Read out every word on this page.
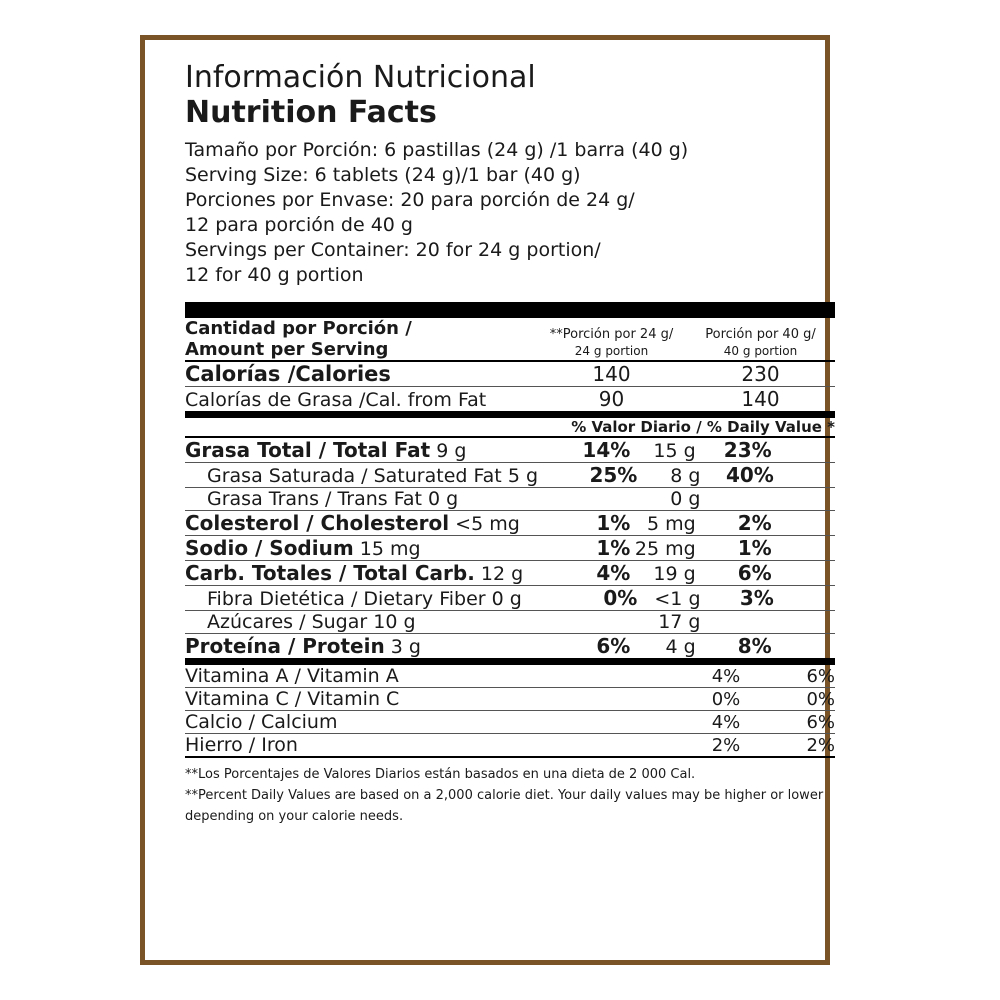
Información Nutricional
Nutrition Facts
Tamaño por Porción: 6 pastillas (24 g) /1 barra (40 g)
Serving Size: 6 tablets (24 g)/1 bar (40 g)
Porciones por Envase: 20 para porción de 24 g/
12 para porción de 40 g
Servings per Container: 20 for 24 g portion/
12 for 40 g portion
Cantidad por Porción /
Amount per Serving	**Porción por 24 g/
24 g portion	Porción por 40 g/
40 g portion
Calorías /Calories	140	230
Calorías de Grasa /Cal. from Fat	90	140
% Valor Diario / % Daily Value *
Grasa Total / Total Fat 9 g	14%	15 g	23%	
Grasa Saturada / Saturated Fat 5 g	25%	8 g	40%	
Grasa Trans / Trans Fat 0 g		0 g		
Colesterol / Cholesterol <5 mg	1%	5 mg	2%	
Sodio / Sodium 15 mg	1%	25 mg	1%	
Carb. Totales / Total Carb. 12 g	4%	19 g	6%	
Fibra Dietética / Dietary Fiber 0 g	0%	<1 g	3%	
Azúcares / Sugar 10 g		17 g		
Proteína / Protein 3 g	6%	4 g	8%	
Vitamina A / Vitamin A	4%	6%
Vitamina C / Vitamin C	0%	0%
Calcio / Calcium	4%	6%
Hierro / Iron	2%	2%

**Los Porcentajes de Valores Diarios están basados en una dieta de 2 000 Cal.

**Percent Daily Values are based on a 2,000 calorie diet. Your daily values may be higher or lower

depending on your calorie needs.
